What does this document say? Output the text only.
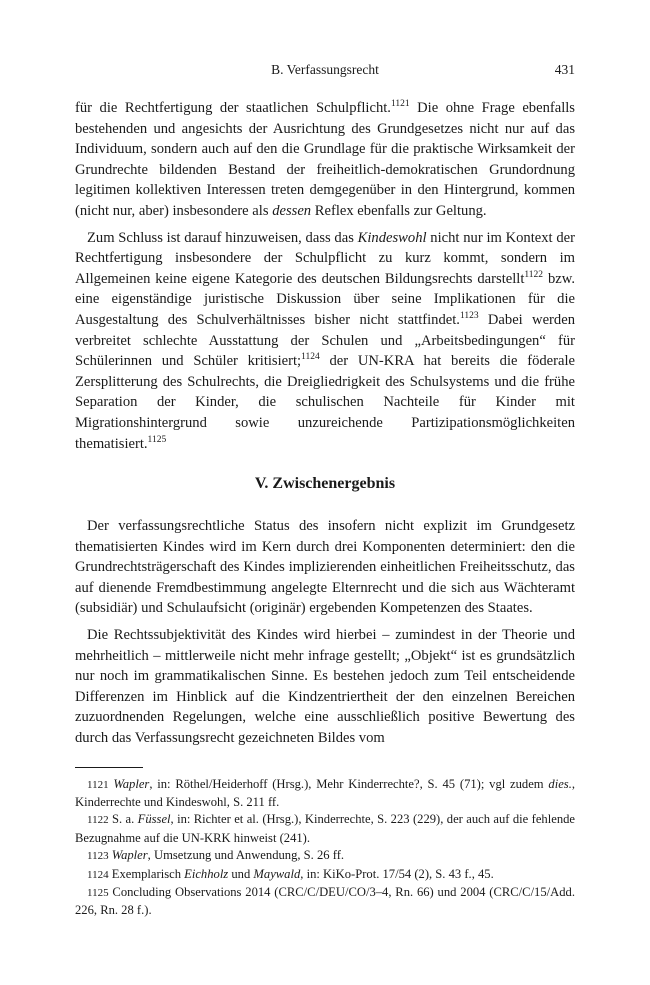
B. Verfassungsrecht	431

für die Rechtfertigung der staatlichen Schulpflicht.$^{1121}$ Die ohne Frage ebenfalls bestehenden und angesichts der Ausrichtung des Grundgesetzes nicht nur auf das Individuum, sondern auch auf den die Grundlage für die praktische Wirksamkeit der Grundrechte bildenden Bestand der freiheitlich-demokratischen Grundordnung legitimen kollektiven Interessen treten demgegenüber in den Hintergrund, kommen (nicht nur, aber) insbesondere als dessen Reflex ebenfalls zur Geltung.

Zum Schluss ist darauf hinzuweisen, dass das Kindeswohl nicht nur im Kontext der Rechtfertigung insbesondere der Schulpflicht zu kurz kommt, sondern im Allgemeinen keine eigene Kategorie des deutschen Bildungsrechts darstellt$^{1122}$ bzw. eine eigenständige juristische Diskussion über seine Implikationen für die Ausgestaltung des Schulverhältnisses bisher nicht stattfindet.$^{1123}$ Dabei werden verbreitet schlechte Ausstattung der Schulen und „Arbeitsbedingungen“ für Schülerinnen und Schüler kritisiert;$^{1124}$ der UN-KRA hat bereits die föderale Zersplitterung des Schulrechts, die Dreigliedrigkeit des Schulsystems und die frühe Separation der Kinder, die schulischen Nachteile für Kinder mit Migrationshintergrund sowie unzureichende Partizipationsmöglichkeiten thematisiert.$^{1125}$

V. Zwischenergebnis

Der verfassungsrechtliche Status des insofern nicht explizit im Grundgesetz thematisierten Kindes wird im Kern durch drei Komponenten determiniert: den die Grundrechtsträgerschaft des Kindes implizierenden einheitlichen Freiheitsschutz, das auf dienende Fremdbestimmung angelegte Elternrecht und die sich aus Wächteramt (subsidiär) und Schulaufsicht (originär) ergebenden Kompetenzen des Staates.

Die Rechtssubjektivität des Kindes wird hierbei – zumindest in der Theorie und mehrheitlich – mittlerweile nicht mehr infrage gestellt; „Objekt“ ist es grundsätzlich nur noch im grammatikalischen Sinne. Es bestehen jedoch zum Teil entscheidende Differenzen im Hinblick auf die Kindzentriertheit der den einzelnen Bereichen zuzuordnenden Regelungen, welche eine ausschließlich positive Bewertung des durch das Verfassungsrecht gezeichneten Bildes vom

1121 Wapler, in: Röthel/Heiderhoff (Hrsg.), Mehr Kinderrechte?, S. 45 (71); vgl zudem dies., Kinderrechte und Kindeswohl, S. 211 ff.

1122 S. a. Füssel, in: Richter et al. (Hrsg.), Kinderrechte, S. 223 (229), der auch auf die fehlende Bezugnahme auf die UN-KRK hinweist (241).

1123 Wapler, Umsetzung und Anwendung, S. 26 ff.

1124 Exemplarisch Eichholz und Maywald, in: KiKo-Prot. 17/54 (2), S. 43 f., 45.

1125 Concluding Observations 2014 (CRC/C/DEU/CO/3–4, Rn. 66) und 2004 (CRC/C/15/Add. 226, Rn. 28 f.).
